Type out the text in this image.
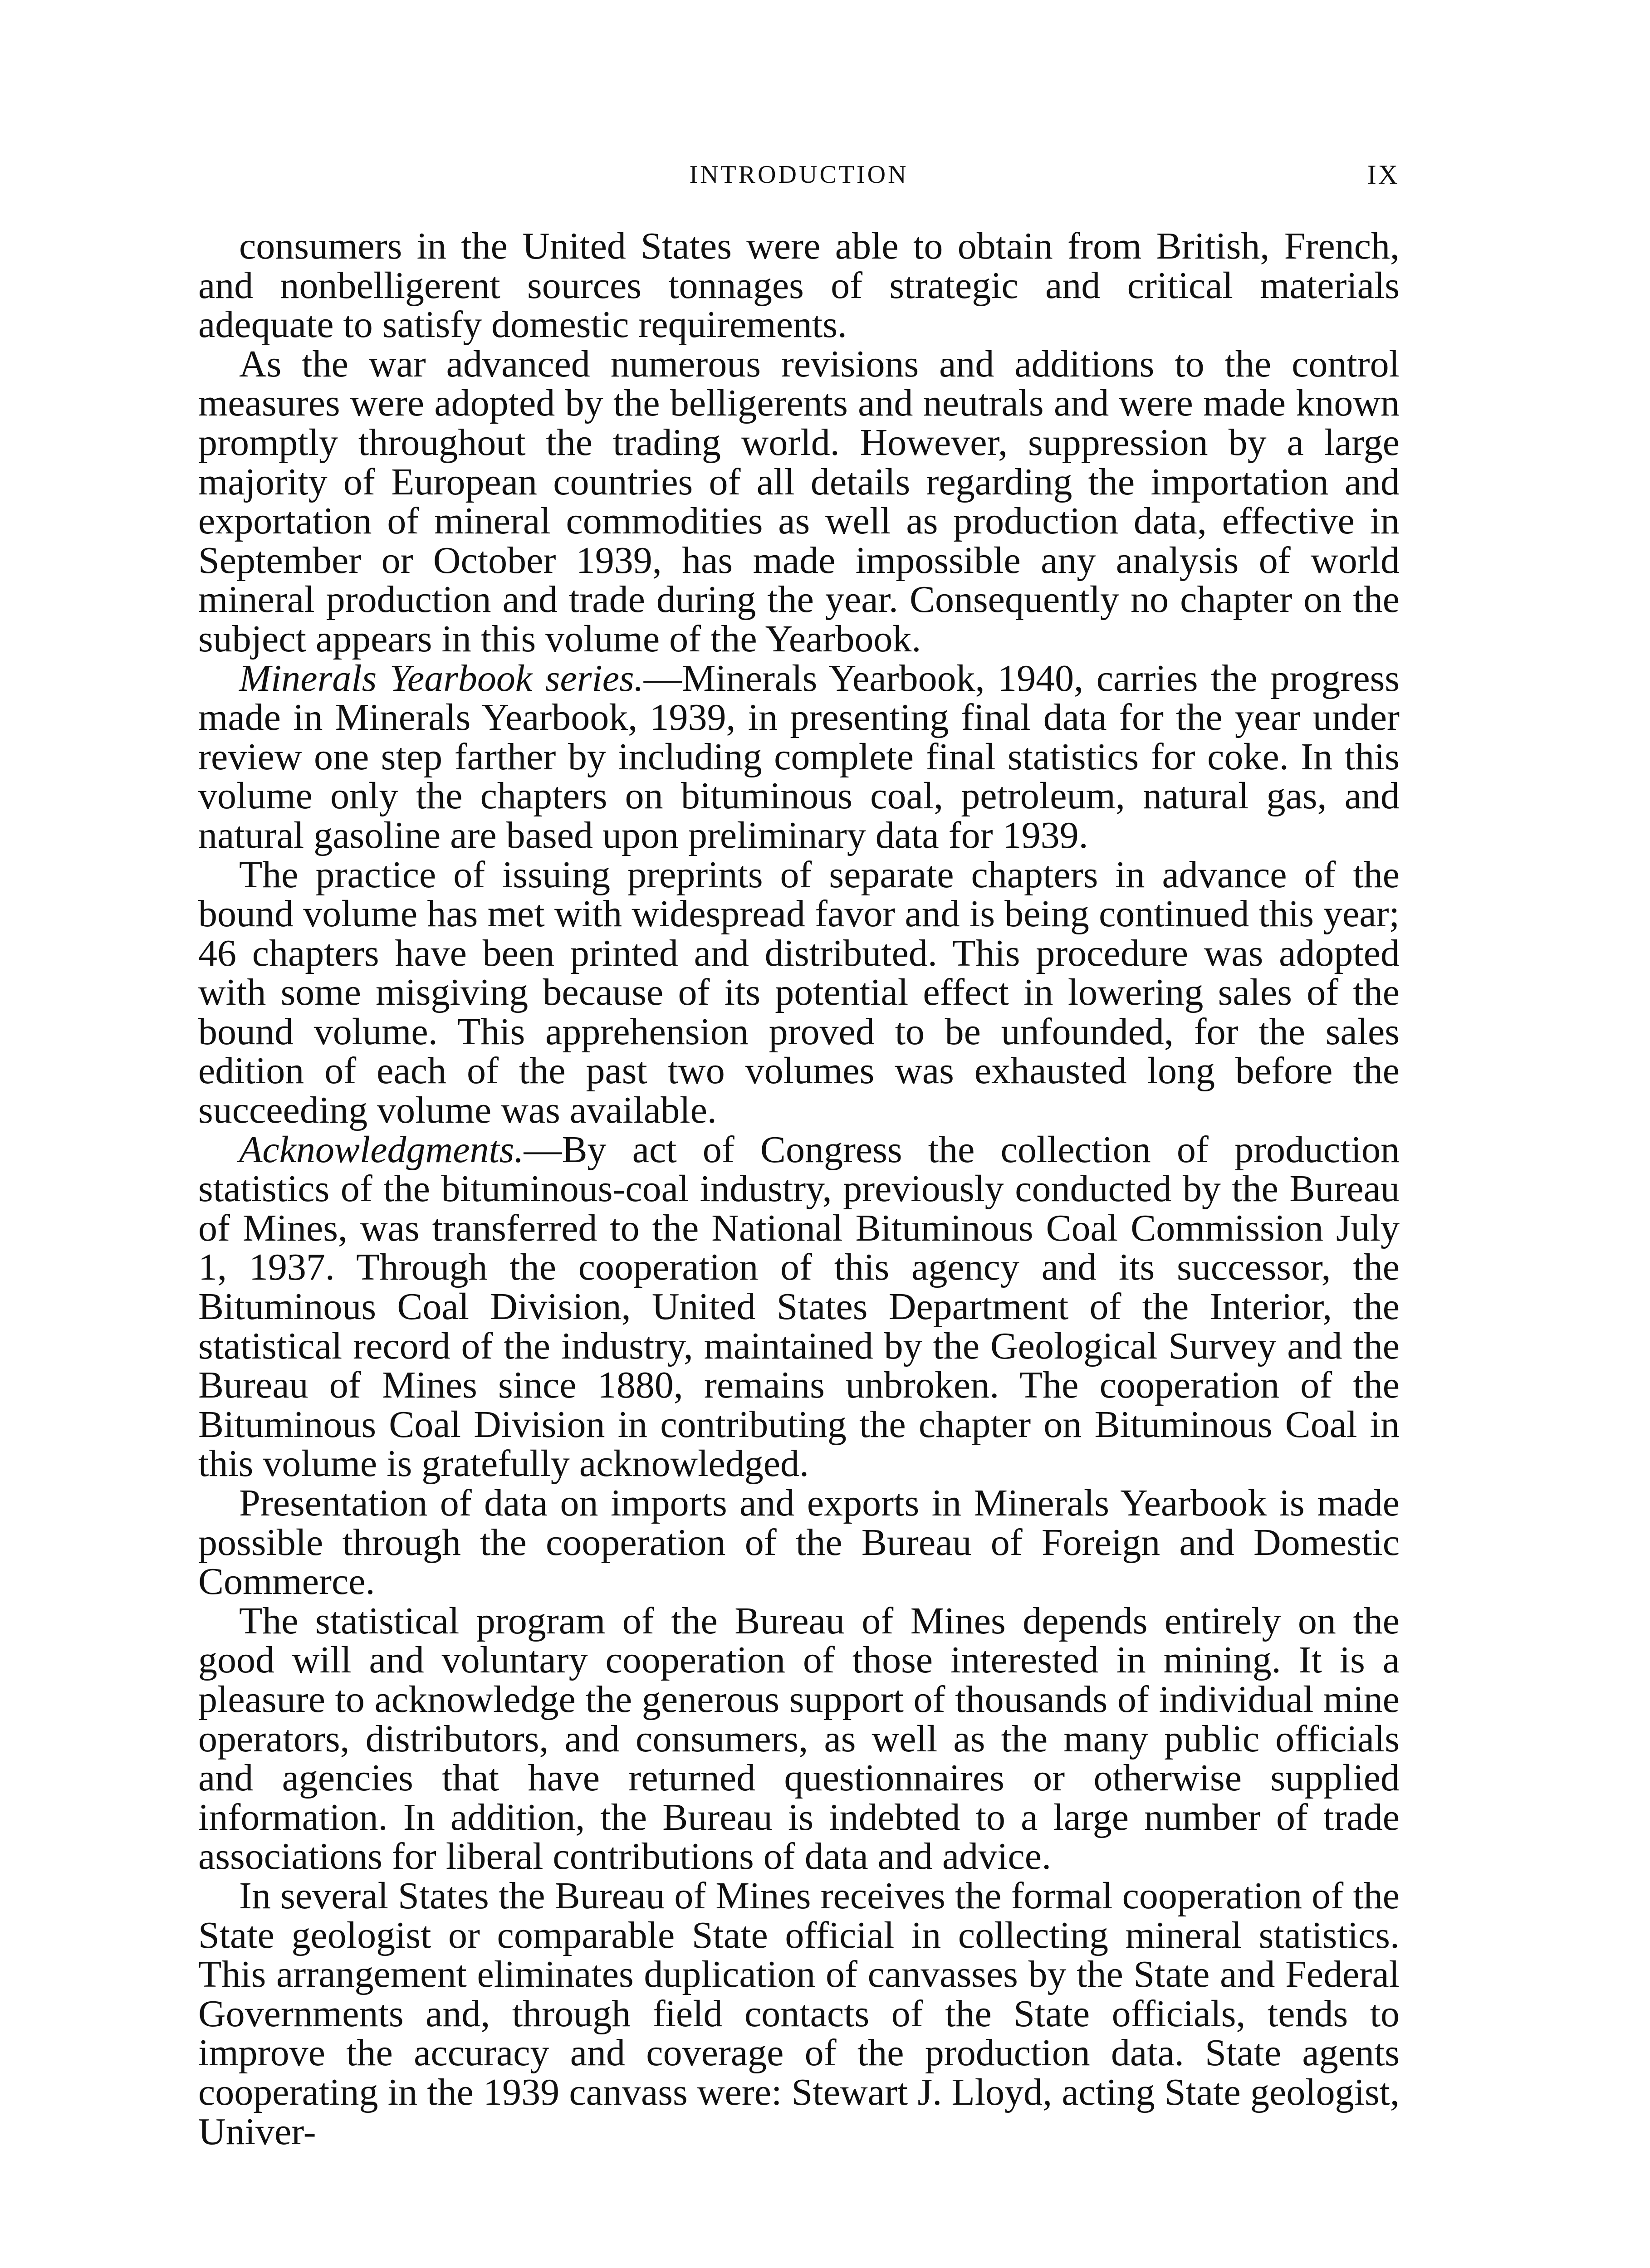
INTRODUCTION	IX

consumers in the United States were able to obtain from British, French, and nonbelligerent sources tonnages of strategic and critical materials adequate to satisfy domestic requirements.

As the war advanced numerous revisions and additions to the control measures were adopted by the belligerents and neutrals and were made known promptly throughout the trading world. However, suppression by a large majority of European countries of all details regarding the importation and exportation of mineral commodities as well as production data, effective in September or October 1939, has made impossible any analysis of world mineral production and trade during the year. Consequently no chapter on the subject appears in this volume of the Yearbook.

Minerals Yearbook series.—Minerals Yearbook, 1940, carries the progress made in Minerals Yearbook, 1939, in presenting final data for the year under review one step farther by including complete final statistics for coke. In this volume only the chapters on bituminous coal, petroleum, natural gas, and natural gasoline are based upon preliminary data for 1939.

The practice of issuing preprints of separate chapters in advance of the bound volume has met with widespread favor and is being continued this year; 46 chapters have been printed and distributed. This procedure was adopted with some misgiving because of its potential effect in lowering sales of the bound volume. This apprehension proved to be unfounded, for the sales edition of each of the past two volumes was exhausted long before the succeeding volume was available.

Acknowledgments.—By act of Congress the collection of production statistics of the bituminous-coal industry, previously conducted by the Bureau of Mines, was transferred to the National Bituminous Coal Commission July 1, 1937. Through the cooperation of this agency and its successor, the Bituminous Coal Division, United States Department of the Interior, the statistical record of the industry, maintained by the Geological Survey and the Bureau of Mines since 1880, remains unbroken. The cooperation of the Bituminous Coal Division in contributing the chapter on Bituminous Coal in this volume is gratefully acknowledged.

Presentation of data on imports and exports in Minerals Yearbook is made possible through the cooperation of the Bureau of Foreign and Domestic Commerce.

The statistical program of the Bureau of Mines depends entirely on the good will and voluntary cooperation of those interested in mining. It is a pleasure to acknowledge the generous support of thousands of individual mine operators, distributors, and consumers, as well as the many public officials and agencies that have returned questionnaires or otherwise supplied information. In addition, the Bureau is indebted to a large number of trade associations for liberal contributions of data and advice.

In several States the Bureau of Mines receives the formal cooperation of the State geologist or comparable State official in collecting mineral statistics. This arrangement eliminates duplication of canvasses by the State and Federal Governments and, through field contacts of the State officials, tends to improve the accuracy and coverage of the production data. State agents cooperating in the 1939 canvass were: Stewart J. Lloyd, acting State geologist, Univer-
